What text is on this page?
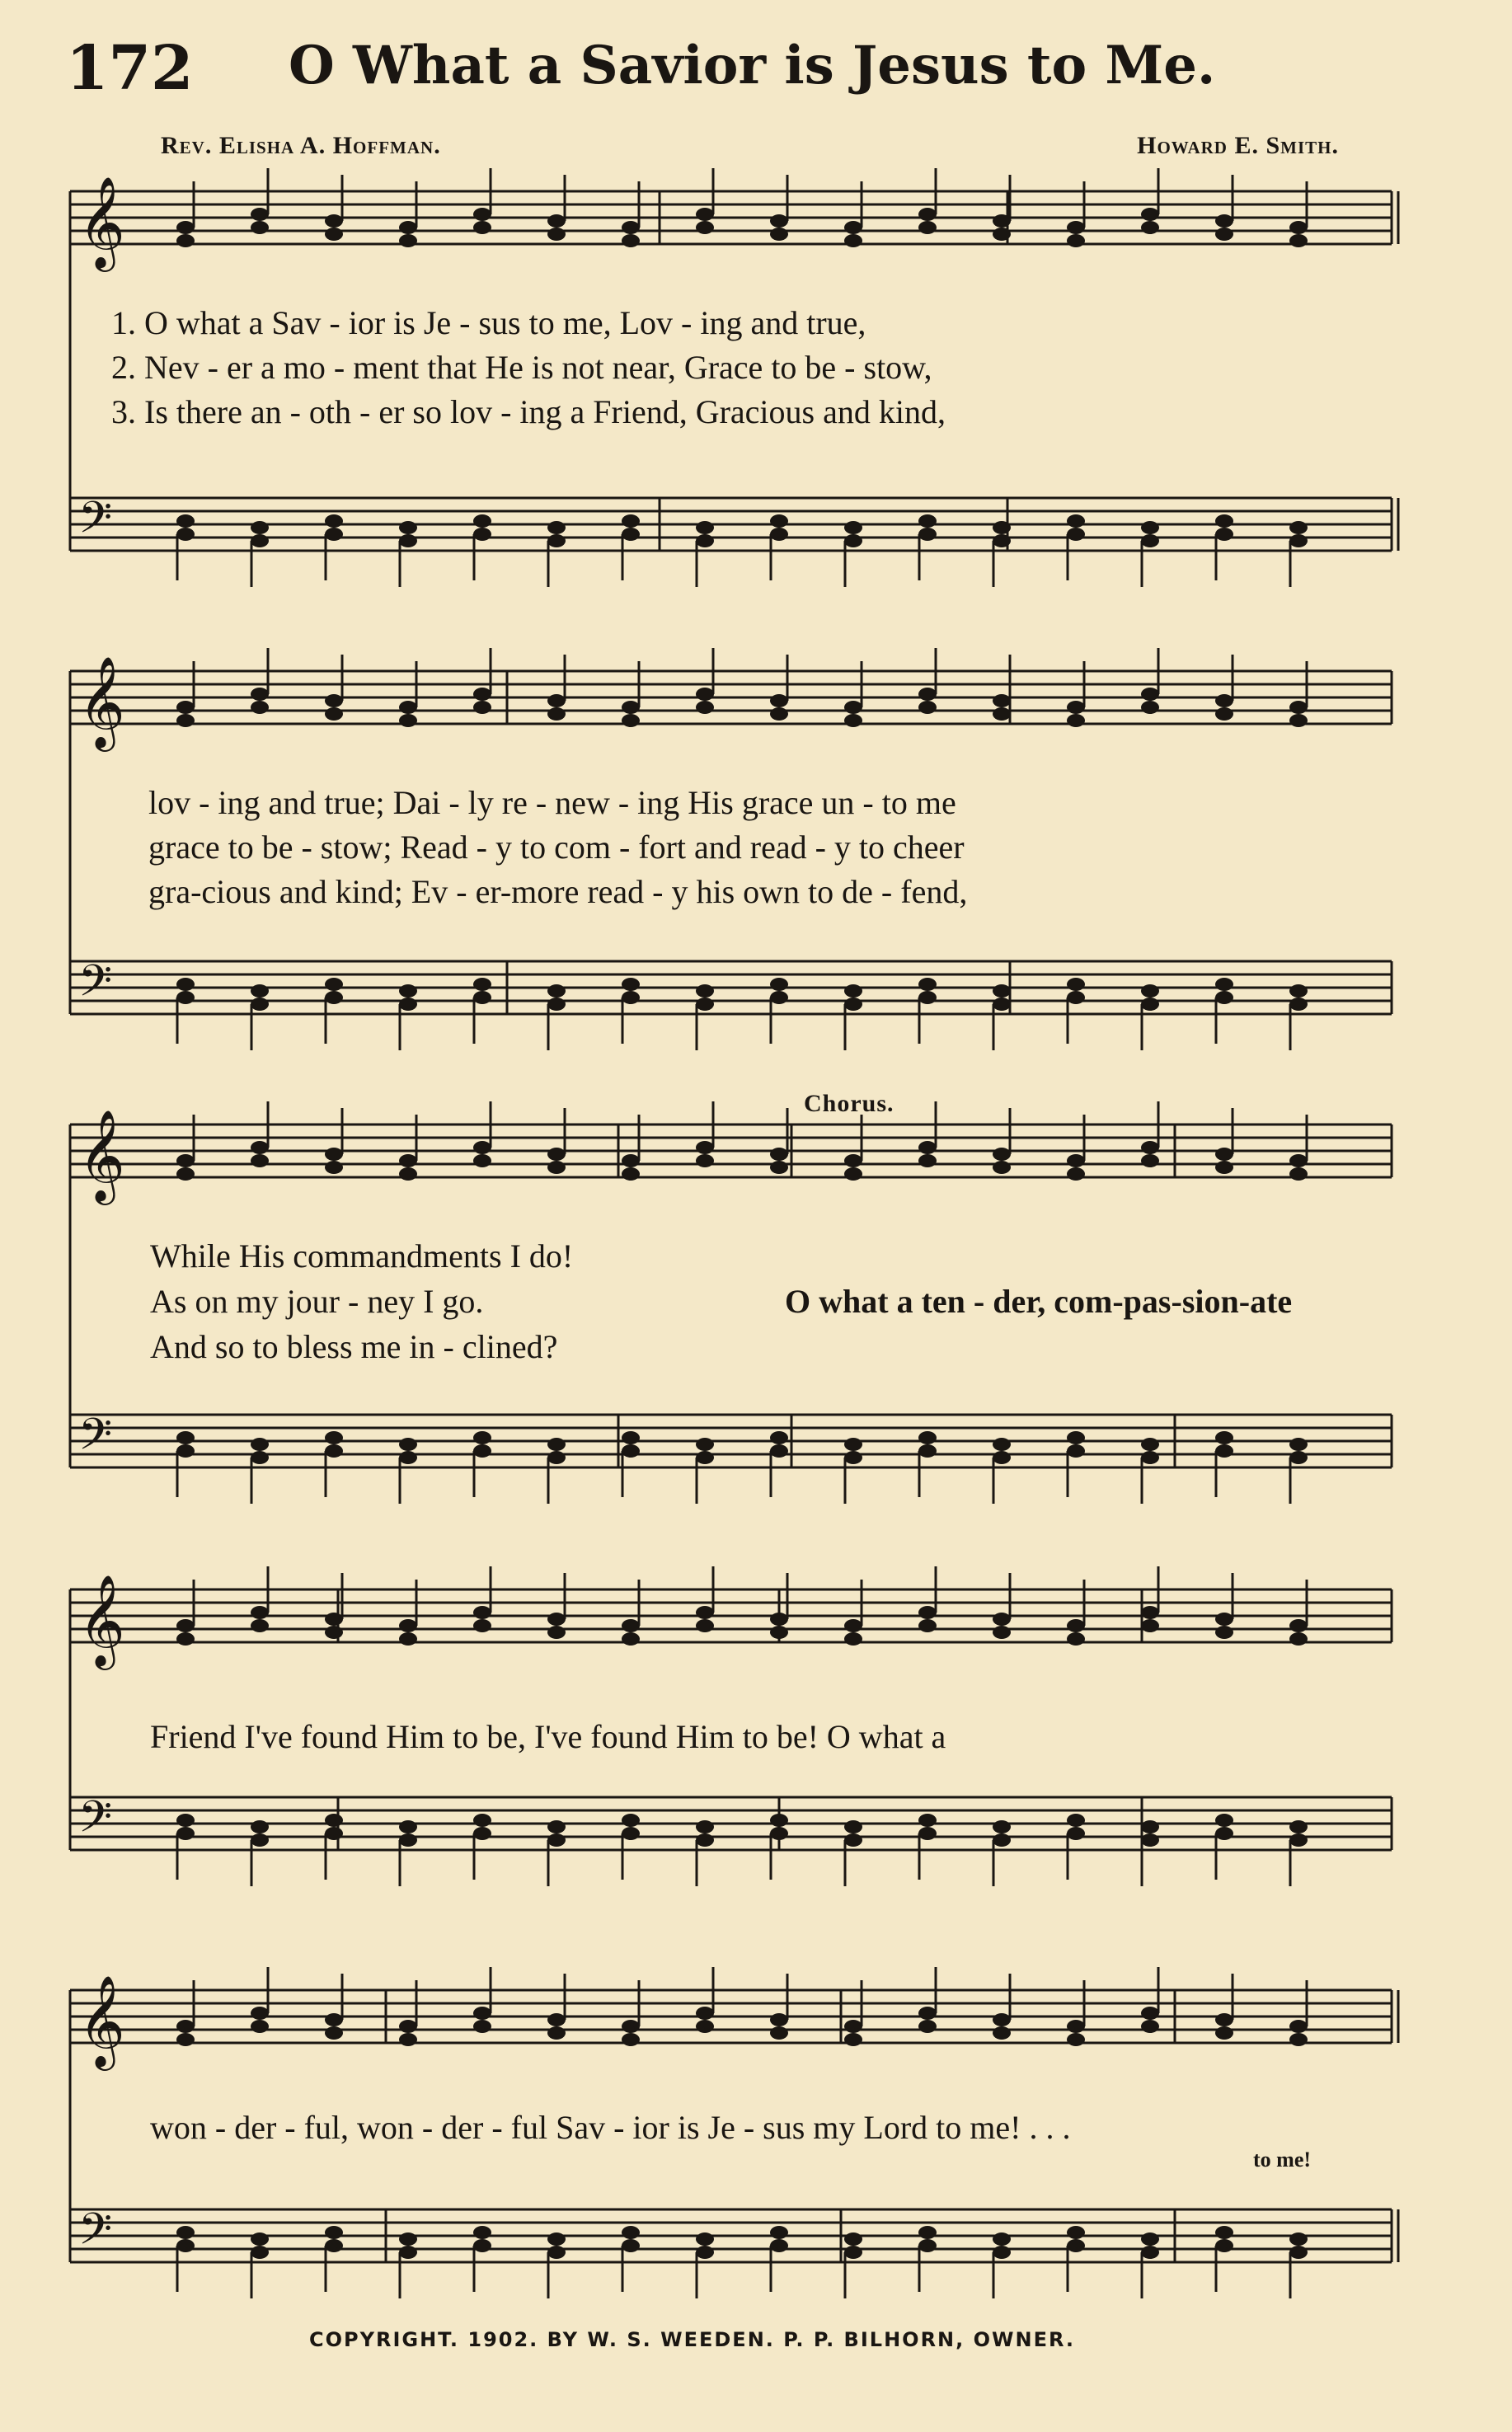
172 O What a Savior is Jesus to Me.
Rev. Elisha A. Hoffman.	Howard E. Smith.
𝄞
𝄢
𝄞
𝄢
𝄞
𝄢
𝄞
𝄢
𝄞
𝄢
1. O what a Sav - ior is Je - sus to me, Lov - ing and true,
2. Nev - er a mo - ment that He is not near, Grace to be - stow,
3. Is there an - oth - er so lov - ing a Friend, Gracious and kind,
lov - ing and true; Dai - ly re - new - ing His grace un - to me
grace to be - stow; Read - y to com - fort and read - y to cheer
gra-cious and kind; Ev - er-more read - y his own to de - fend,
Chorus.
While His commandments I do!
As on my jour - ney I go.
And so to bless me in - clined?
O what a ten - der, com-pas-sion-ate
Friend I've found Him to be, I've found Him to be! O what a
won - der - ful, won - der - ful Sav - ior is Je - sus my Lord to me! . . .
to me!
COPYRIGHT. 1902. BY W. S. WEEDEN. P. P. BILHORN, OWNER.
